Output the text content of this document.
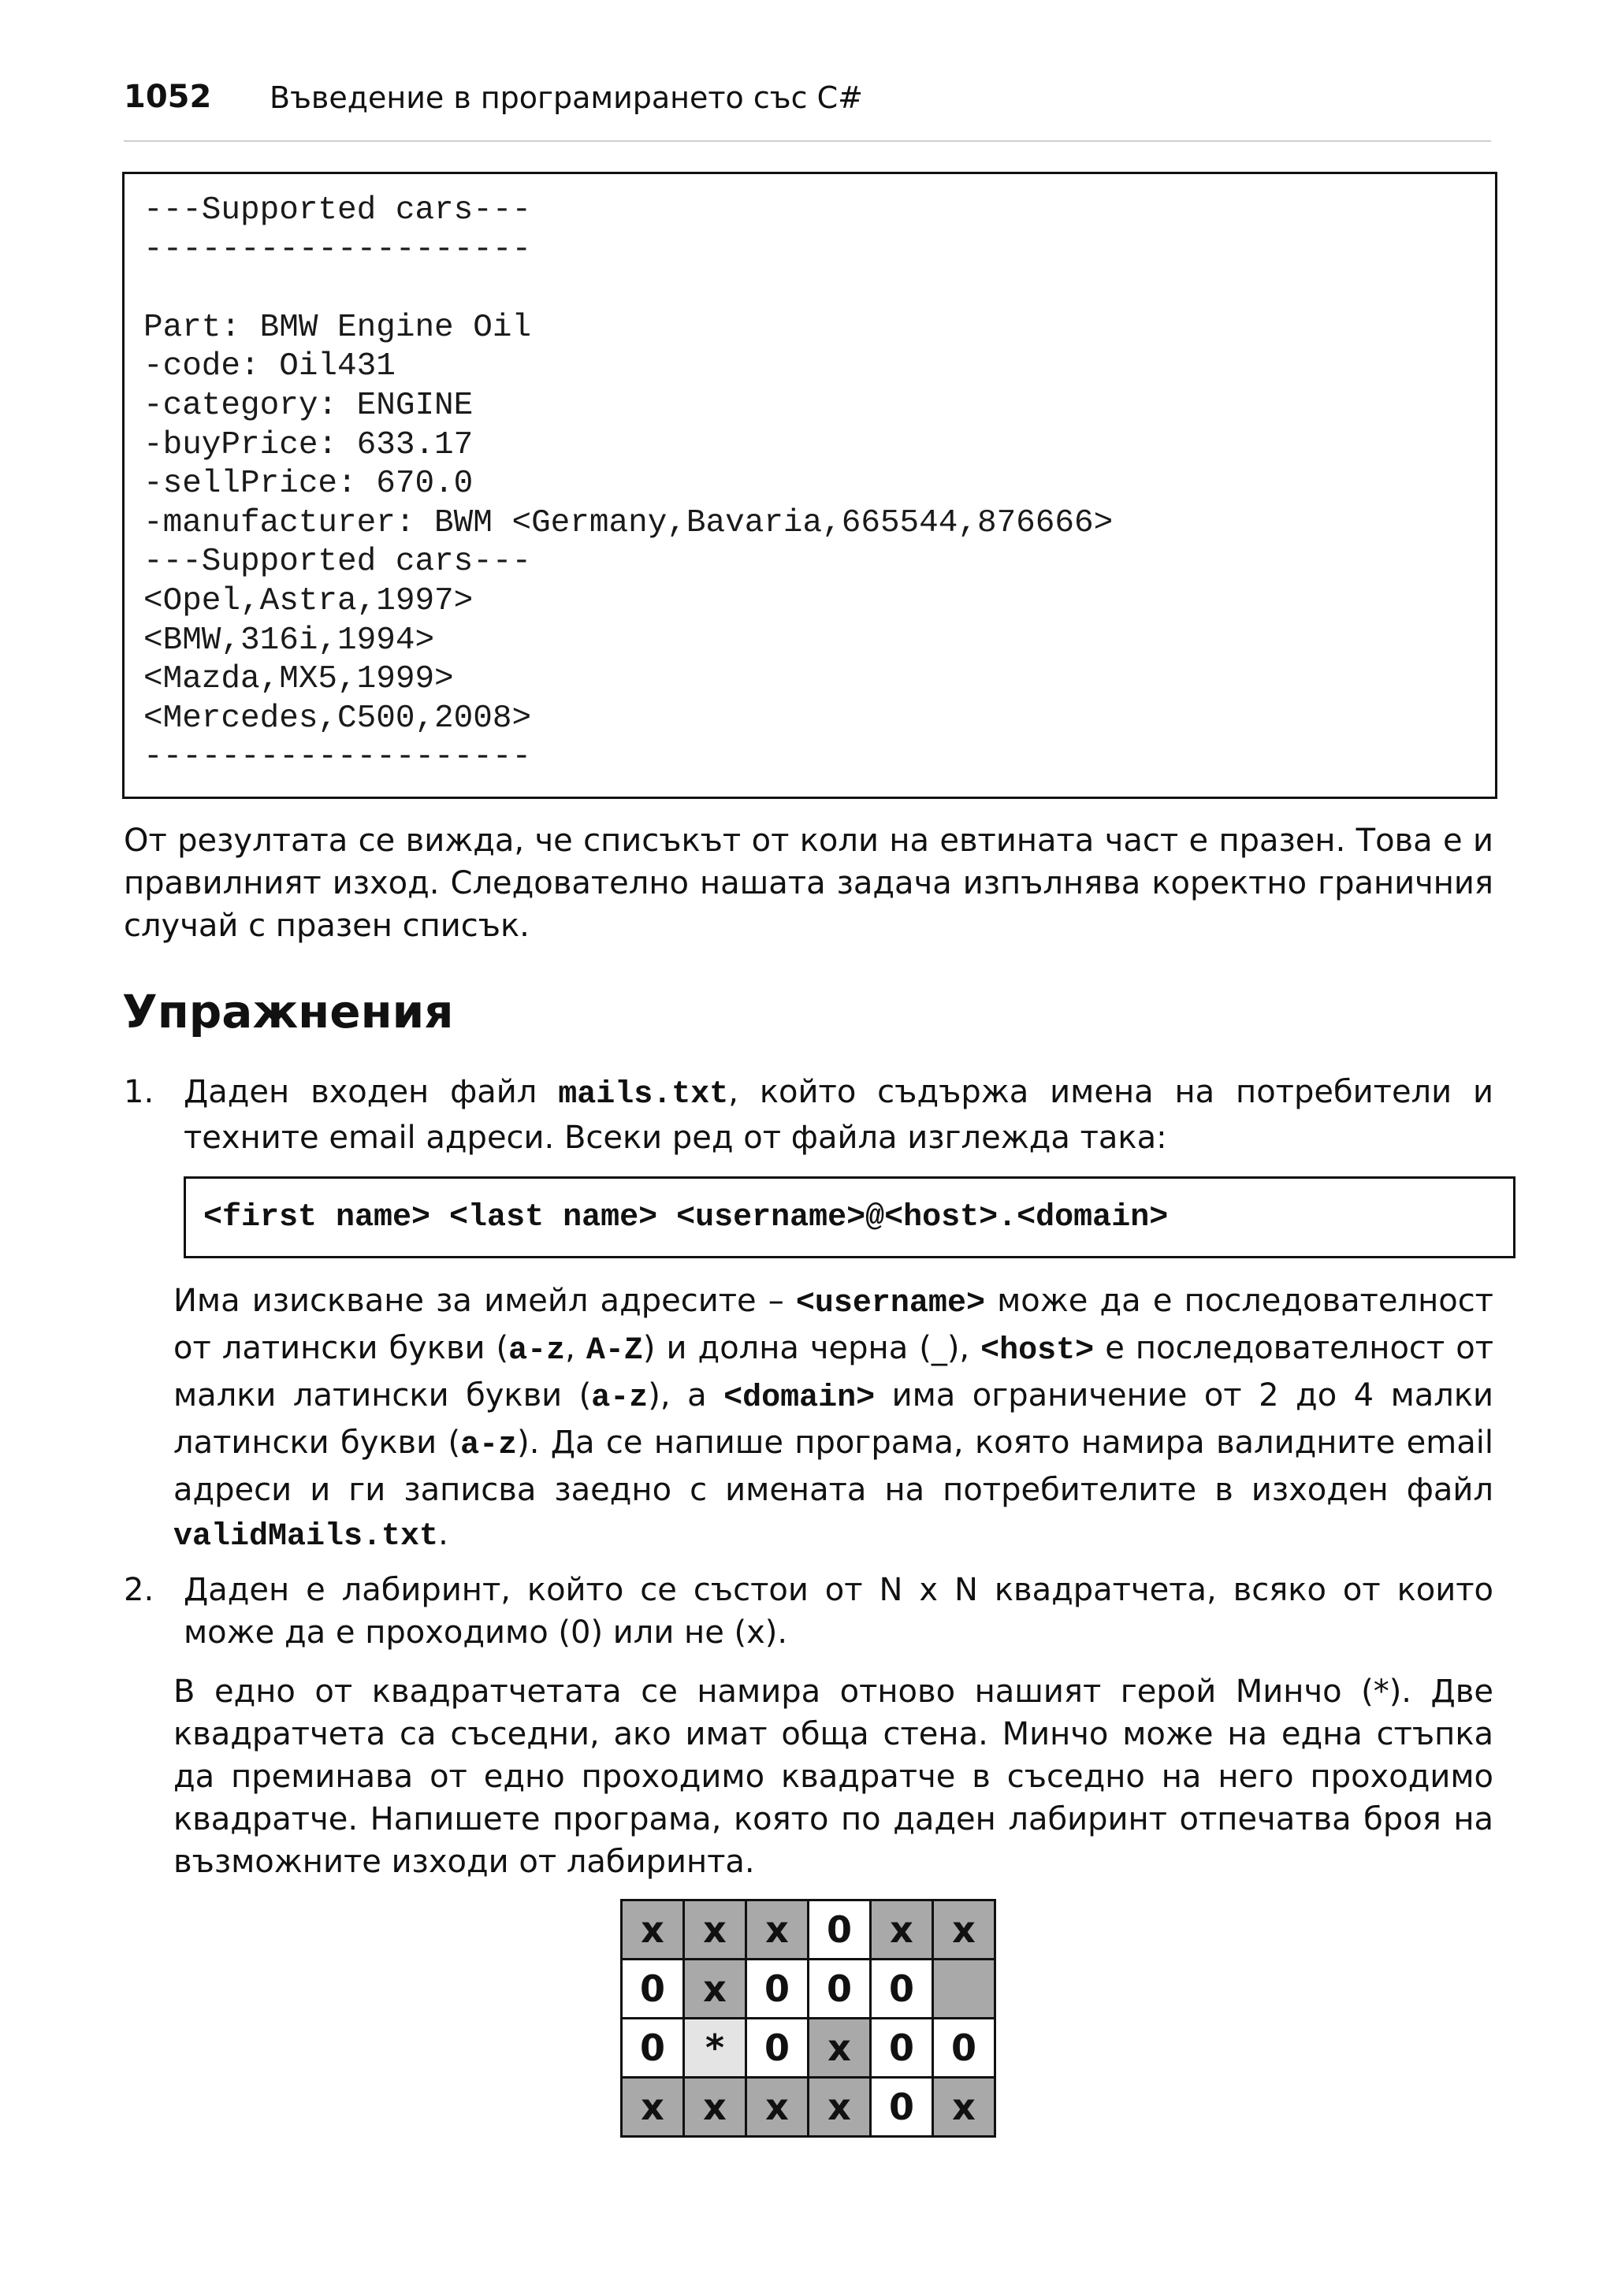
1052 Въведение в програмирането със C#
---Supported cars---
--------------------
Part: BMW Engine Oil
-code: Oil431
-category: ENGINE
-buyPrice: 633.17
-sellPrice: 670.0
-manufacturer: BWM <Germany,Bavaria,665544,876666>
---Supported cars---
<Opel,Astra,1997>
<BMW,316i,1994>
<Mazda,MX5,1999>
<Mercedes,C500,2008>
--------------------

От резултата се вижда, че списъкът от коли на евтината част е празен. Това е и правилният изход. Следователно нашата задача изпълнява коректно граничния случай с празен списък.

Упражнения
1. Даден входен файл mails.txt, който съдържа имена на потребители и техните email адреси. Всеки ред от файла изглежда така:

<first name> <last name> <username>@<host>.<domain>

Има изискване за имейл адресите – <username> може да е последователност от латински букви (a-z, A-Z) и долна черна (_), <host> е последователност от малки латински букви (a-z), а <domain> има ограничение от 2 до 4 малки латински букви (a-z). Да се напише програма, която намира валидните email адреси и ги записва заедно с имената на потребителите в изходен файл validMails.txt.

2. Даден е лабиринт, който се състои от N x N квадратчета, всяко от които може да е проходимо (0) или не (x).

В едно от квадратчетата се намира отново нашият герой Минчо (*). Две квадратчета са съседни, ако имат обща стена. Минчо може на една стъпка да преминава от едно проходимо квадратче в съседно на него проходимо квадратче. Напишете програма, която по даден лабиринт отпечатва броя на възможните изходи от лабиринта.

x	x	x	0	x	x
0	x	0	0	0	
0	*	0	x	0	0
x	x	x	x	0	x
